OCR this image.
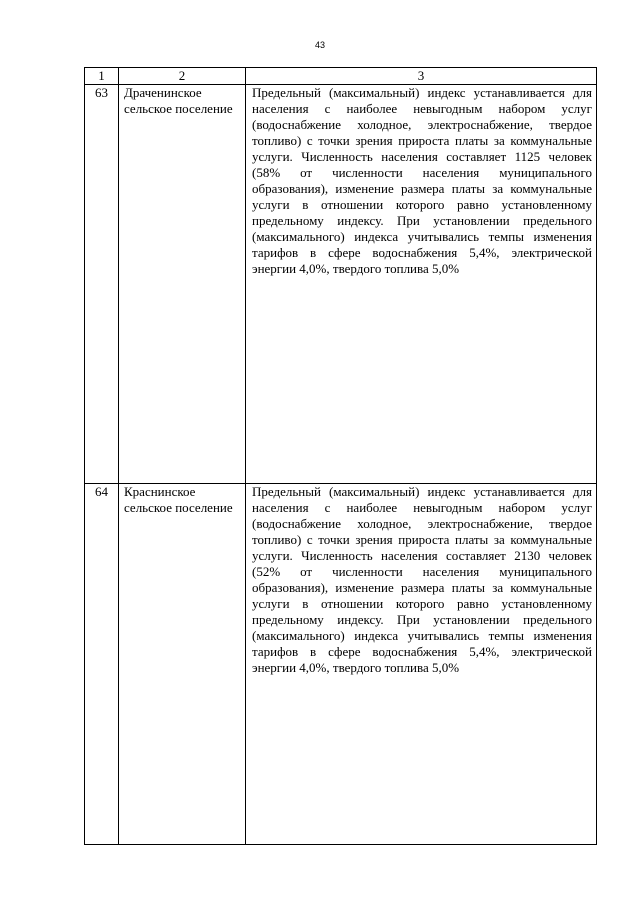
43
1	2	3
63	Драченинское сельское поселение	Предельный (максимальный) индекс устанавливается для населения с наиболее невыгодным набором услуг (водоснабжение холодное, электроснабжение, твердое топливо) с точки зрения прироста платы за коммунальные услуги. Численность населения составляет 1125 человек (58% от численности населения муниципального образования), изменение размера платы за коммунальные услуги в отношении которого равно установленному предельному индексу. При установлении предельного (максимального) индекса учитывались темпы изменения тарифов в сфере водоснабжения 5,4%, электрической энергии 4,0%, твердого топлива 5,0%
64	Краснинское сельское поселение	Предельный (максимальный) индекс устанавливается для населения с наиболее невыгодным набором услуг (водоснабжение холодное, электроснабжение, твердое топливо) с точки зрения прироста платы за коммунальные услуги. Численность населения составляет 2130 человек (52% от численности населения муниципального образования), изменение размера платы за коммунальные услуги в отношении которого равно установленному предельному индексу. При установлении предельного (максимального) индекса учитывались темпы изменения тарифов в сфере водоснабжения 5,4%, электрической энергии 4,0%, твердого топлива 5,0%
